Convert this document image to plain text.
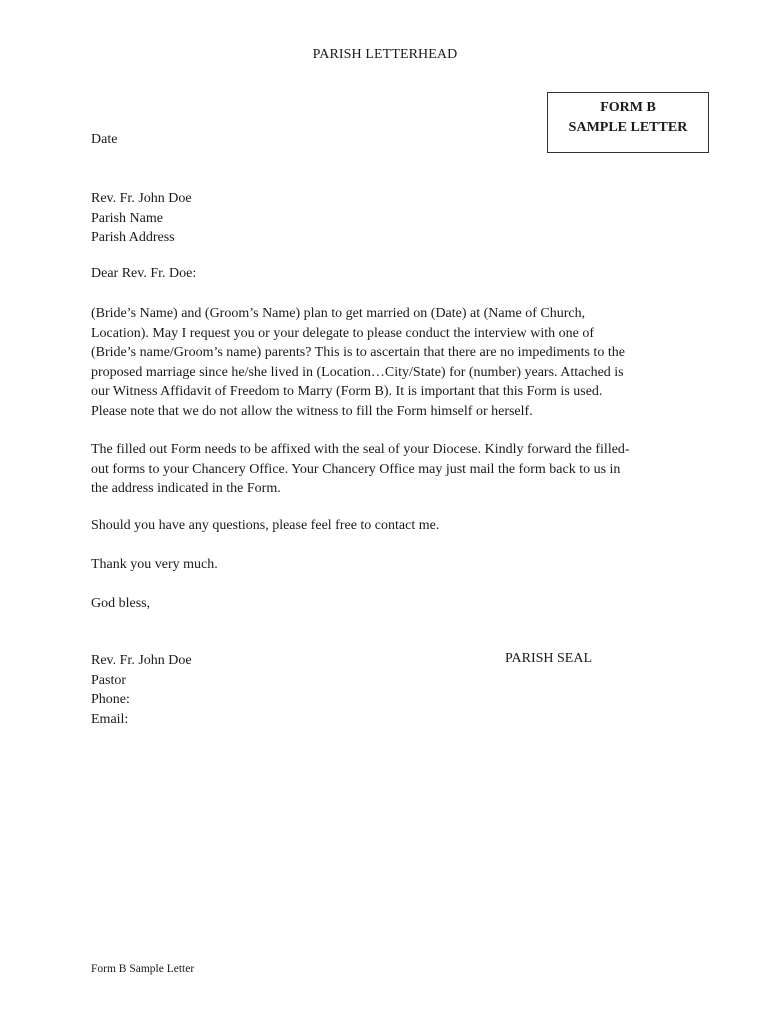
PARISH LETTERHEAD
FORM B
SAMPLE LETTER
Date
Rev. Fr. John Doe
Parish Name
Parish Address
Dear Rev. Fr. Doe:
(Bride’s Name) and (Groom’s Name) plan to get married on (Date) at (Name of Church,
Location). May I request you or your delegate to please conduct the interview with one of
(Bride’s name/Groom’s name) parents? This is to ascertain that there are no impediments to the
proposed marriage since he/she lived in (Location…City/State) for (number) years. Attached is
our Witness Affidavit of Freedom to Marry (Form B). It is important that this Form is used.
Please note that we do not allow the witness to fill the Form himself or herself.
The filled out Form needs to be affixed with the seal of your Diocese. Kindly forward the filled-
out forms to your Chancery Office. Your Chancery Office may just mail the form back to us in
the address indicated in the Form.
Should you have any questions, please feel free to contact me.
Thank you very much.
God bless,
Rev. Fr. John Doe
Pastor
Phone:
Email:
PARISH SEAL
Form B Sample Letter
